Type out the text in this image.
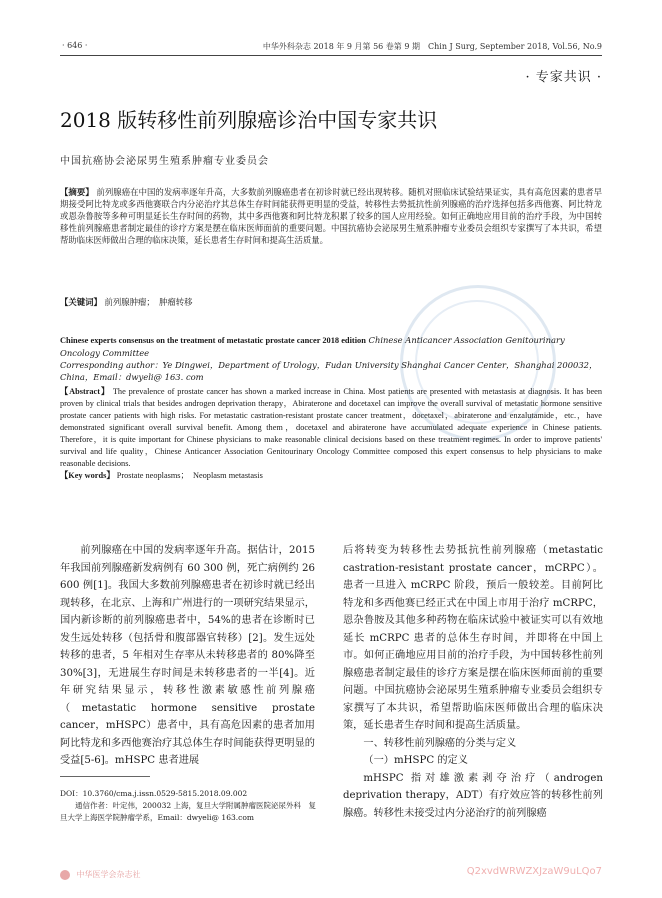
· 646 ·	中华外科杂志 2018 年 9 月第 56 卷第 9 期　Chin J Surg, September 2018, Vol.56, No.9
· 专家共识 ·
2018 版转移性前列腺癌诊治中国专家共识
中国抗癌协会泌尿男生殖系肿瘤专业委员会
【摘要】 前列腺癌在中国的发病率逐年升高，大多数前列腺癌患者在初诊时就已经出现转移。随机对照临床试验结果证实，具有高危因素的患者早期接受阿比特龙或多西他赛联合内分泌治疗其总体生存时间能获得更明显的受益，转移性去势抵抗性前列腺癌的治疗选择包括多西他赛、阿比特龙或恩杂鲁胺等多种可明显延长生存时间的药物，其中多西他赛和阿比特龙积累了较多的国人应用经验。如何正确地应用目前的治疗手段，为中国转移性前列腺癌患者制定最佳的诊疗方案是摆在临床医师面前的重要问题。中国抗癌协会泌尿男生殖系肿瘤专业委员会组织专家撰写了本共识，希望帮助临床医师做出合理的临床决策，延长患者生存时间和提高生活质量。
【关键词】 前列腺肿瘤；　肿瘤转移
Chinese experts consensus on the treatment of metastatic prostate cancer 2018 edition Chinese Anticancer Association Genitourinary Oncology Committee
Corresponding author：Ye Dingwei，Department of Urology，Fudan University Shanghai Cancer Center，Shanghai 200032，China，Email：dwyeli@ 163. com
【Abstract】 The prevalence of prostate cancer has shown a marked increase in China. Most patients are presented with metastasis at diagnosis. It has been proven by clinical trials that besides androgen deprivation therapy，Abiraterone and docetaxel can improve the overall survival of metastatic hormone sensitive prostate cancer patients with high risks. For metastatic castration-resistant prostate cancer treatment，docetaxel，abiraterone and enzalutamide，etc.，have demonstrated significant overall survival benefit. Among them，docetaxel and abiraterone have accumulated adequate experience in Chinese patients. Therefore，it is quite important for Chinese physicians to make reasonable clinical decisions based on these treatment regimes. In order to improve patients' survival and life quality，Chinese Anticancer Association Genitourinary Oncology Committee composed this expert consensus to help physicians to make reasonable decisions.
【Key words】 Prostate neoplasms；　Neoplasm metastasis
前列腺癌在中国的发病率逐年升高。据估计，2015 年我国前列腺癌新发病例有 60 300 例，死亡病例约 26 600 例[1]。我国大多数前列腺癌患者在初诊时就已经出现转移，在北京、上海和广州进行的一项研究结果显示，国内新诊断的前列腺癌患者中，54%的患者在诊断时已发生远处转移（包括骨和腹部器官转移）[2]。发生远处转移的患者，5 年相对生存率从未转移患者的 80%降至 30%[3]，无进展生存时间是未转移患者的一半[4]。近年研究结果显示，转移性激素敏感性前列腺癌（metastatic hormone sensitive prostate cancer，mHSPC）患者中，具有高危因素的患者加用阿比特龙和多西他赛治疗其总体生存时间能获得更明显的受益[5-6]。mHSPC 患者进展
后将转变为转移性去势抵抗性前列腺癌（metastatic castration-resistant prostate cancer，mCRPC）。患者一旦进入 mCRPC 阶段，预后一般较差。目前阿比特龙和多西他赛已经正式在中国上市用于治疗 mCRPC，恩杂鲁胺及其他多种药物在临床试验中被证实可以有效地延长 mCRPC 患者的总体生存时间，并即将在中国上市。如何正确地应用目前的治疗手段，为中国转移性前列腺癌患者制定最佳的诊疗方案是摆在临床医师面前的重要问题。中国抗癌协会泌尿男生殖系肿瘤专业委员会组织专家撰写了本共识，希望帮助临床医师做出合理的临床决策，延长患者生存时间和提高生活质量。
一、转移性前列腺癌的分类与定义
（一）mHSPC 的定义
mHSPC 指对雄激素剥夺治疗（androgen deprivation therapy，ADT）有疗效应答的转移性前列腺癌。转移性未接受过内分泌治疗的前列腺癌
DOI：10.3760/cma.j.issn.0529-5815.2018.09.002
通信作者：叶定伟，200032 上海，复旦大学附属肿瘤医院泌尿外科　复旦大学上海医学院肿瘤学系，Email：dwyeli@ 163.com
中华医学会杂志社	Q2xvdWRWZXJzaW9uLQo7
